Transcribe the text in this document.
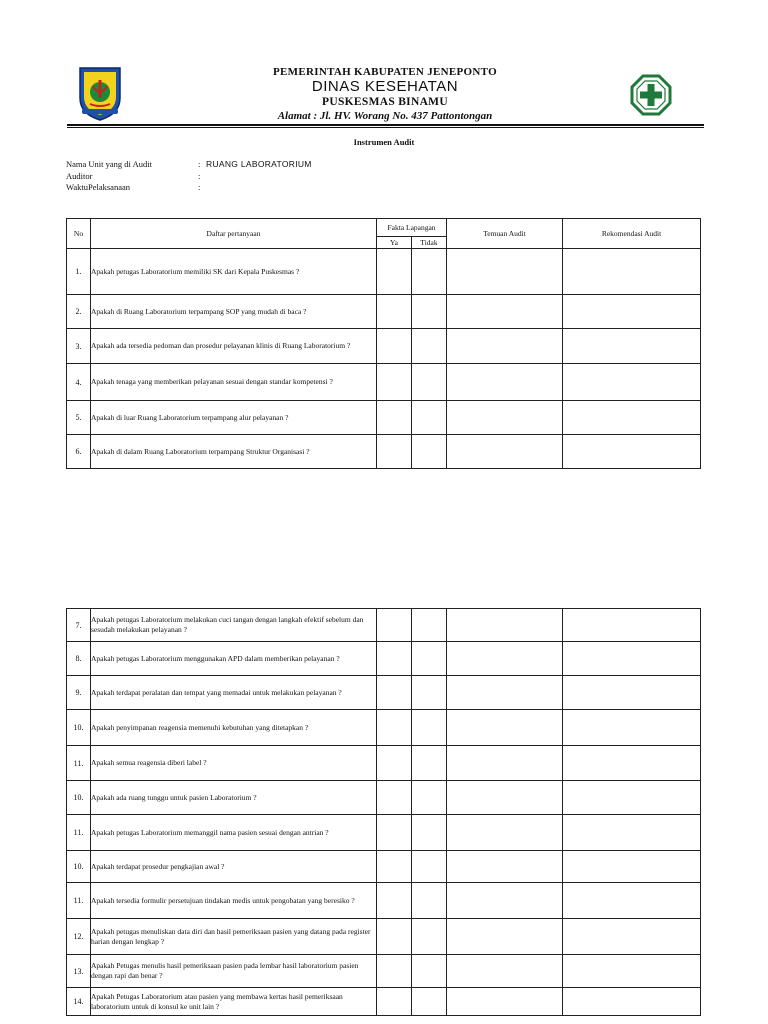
PEMERINTAH KABUPATEN JENEPONTO
DINAS KESEHATAN
PUSKESMAS BINAMU
Alamat : Jl. HV. Worang No. 437 Pattontongan
Instrumen Audit
Nama Unit yang di Audit	: RUANG LABORATORIUM
Auditor	:
WaktuPelaksanaan	:
No	Daftar pertanyaan	Fakta Lapangan		Temuan Audit	Rekomendasi Audit
		Ya	Tidak		
1.	Apakah petugas Laboratorium memiliki SK dari Kepala Puskesmas ?				
2.	Apakah di Ruang Laboratorium terpampang SOP yang mudah di baca ?				
3.	Apakah ada tersedia pedoman dan prosedur pelayanan klinis di Ruang Laboratorium ?				
4.	Apakah tenaga yang memberikan pelayanan sesuai dengan standar kompetensi ?				
5.	Apakah di luar Ruang Laboratorium terpampang alur pelayanan ?				
6.	Apakah di dalam Ruang Laboratorium terpampang Struktur Organisasi ?				
7.	Apakah petugas Laboratorium melakukan cuci tangan dengan langkah efektif sebelum dan sesudah melakukan pelayanan ?				
8.	Apakah petugas Laboratorium menggunakan APD dalam memberikan pelayanan ?				
9.	Apakah terdapat peralatan dan tempat yang memadai untuk melakukan pelayanan ?				
10.	Apakah penyimpanan reagensia memenuhi kebutuhan yang ditetapkan ?				
11.	Apakah semua reagensia diberi label ?				
10.	Apakah ada ruang tunggu untuk pasien Laboratorium ?				
11.	Apakah petugas Laboratorium memanggil nama pasien sesuai dengan antrian ?				
10.	Apakah terdapat prosedur pengkajian awal ?				
11.	Apakah tersedia formulir persetujuan tindakan medis untuk pengobatan yang beresiko ?				
12.	Apakah petugas menuliskan data diri dan hasil pemeriksaan pasien yang datang pada register harian dengan lengkap ?				
13.	Apakah Petugas menulis hasil pemeriksaan pasien pada lembar hasil laboratorium pasien dengan rapi dan benar ?				
14.	Apakah Petugas Laboratorium atau pasien yang membawa kertas hasil pemeriksaan laboratorium untuk di konsul ke unit lain ?				
